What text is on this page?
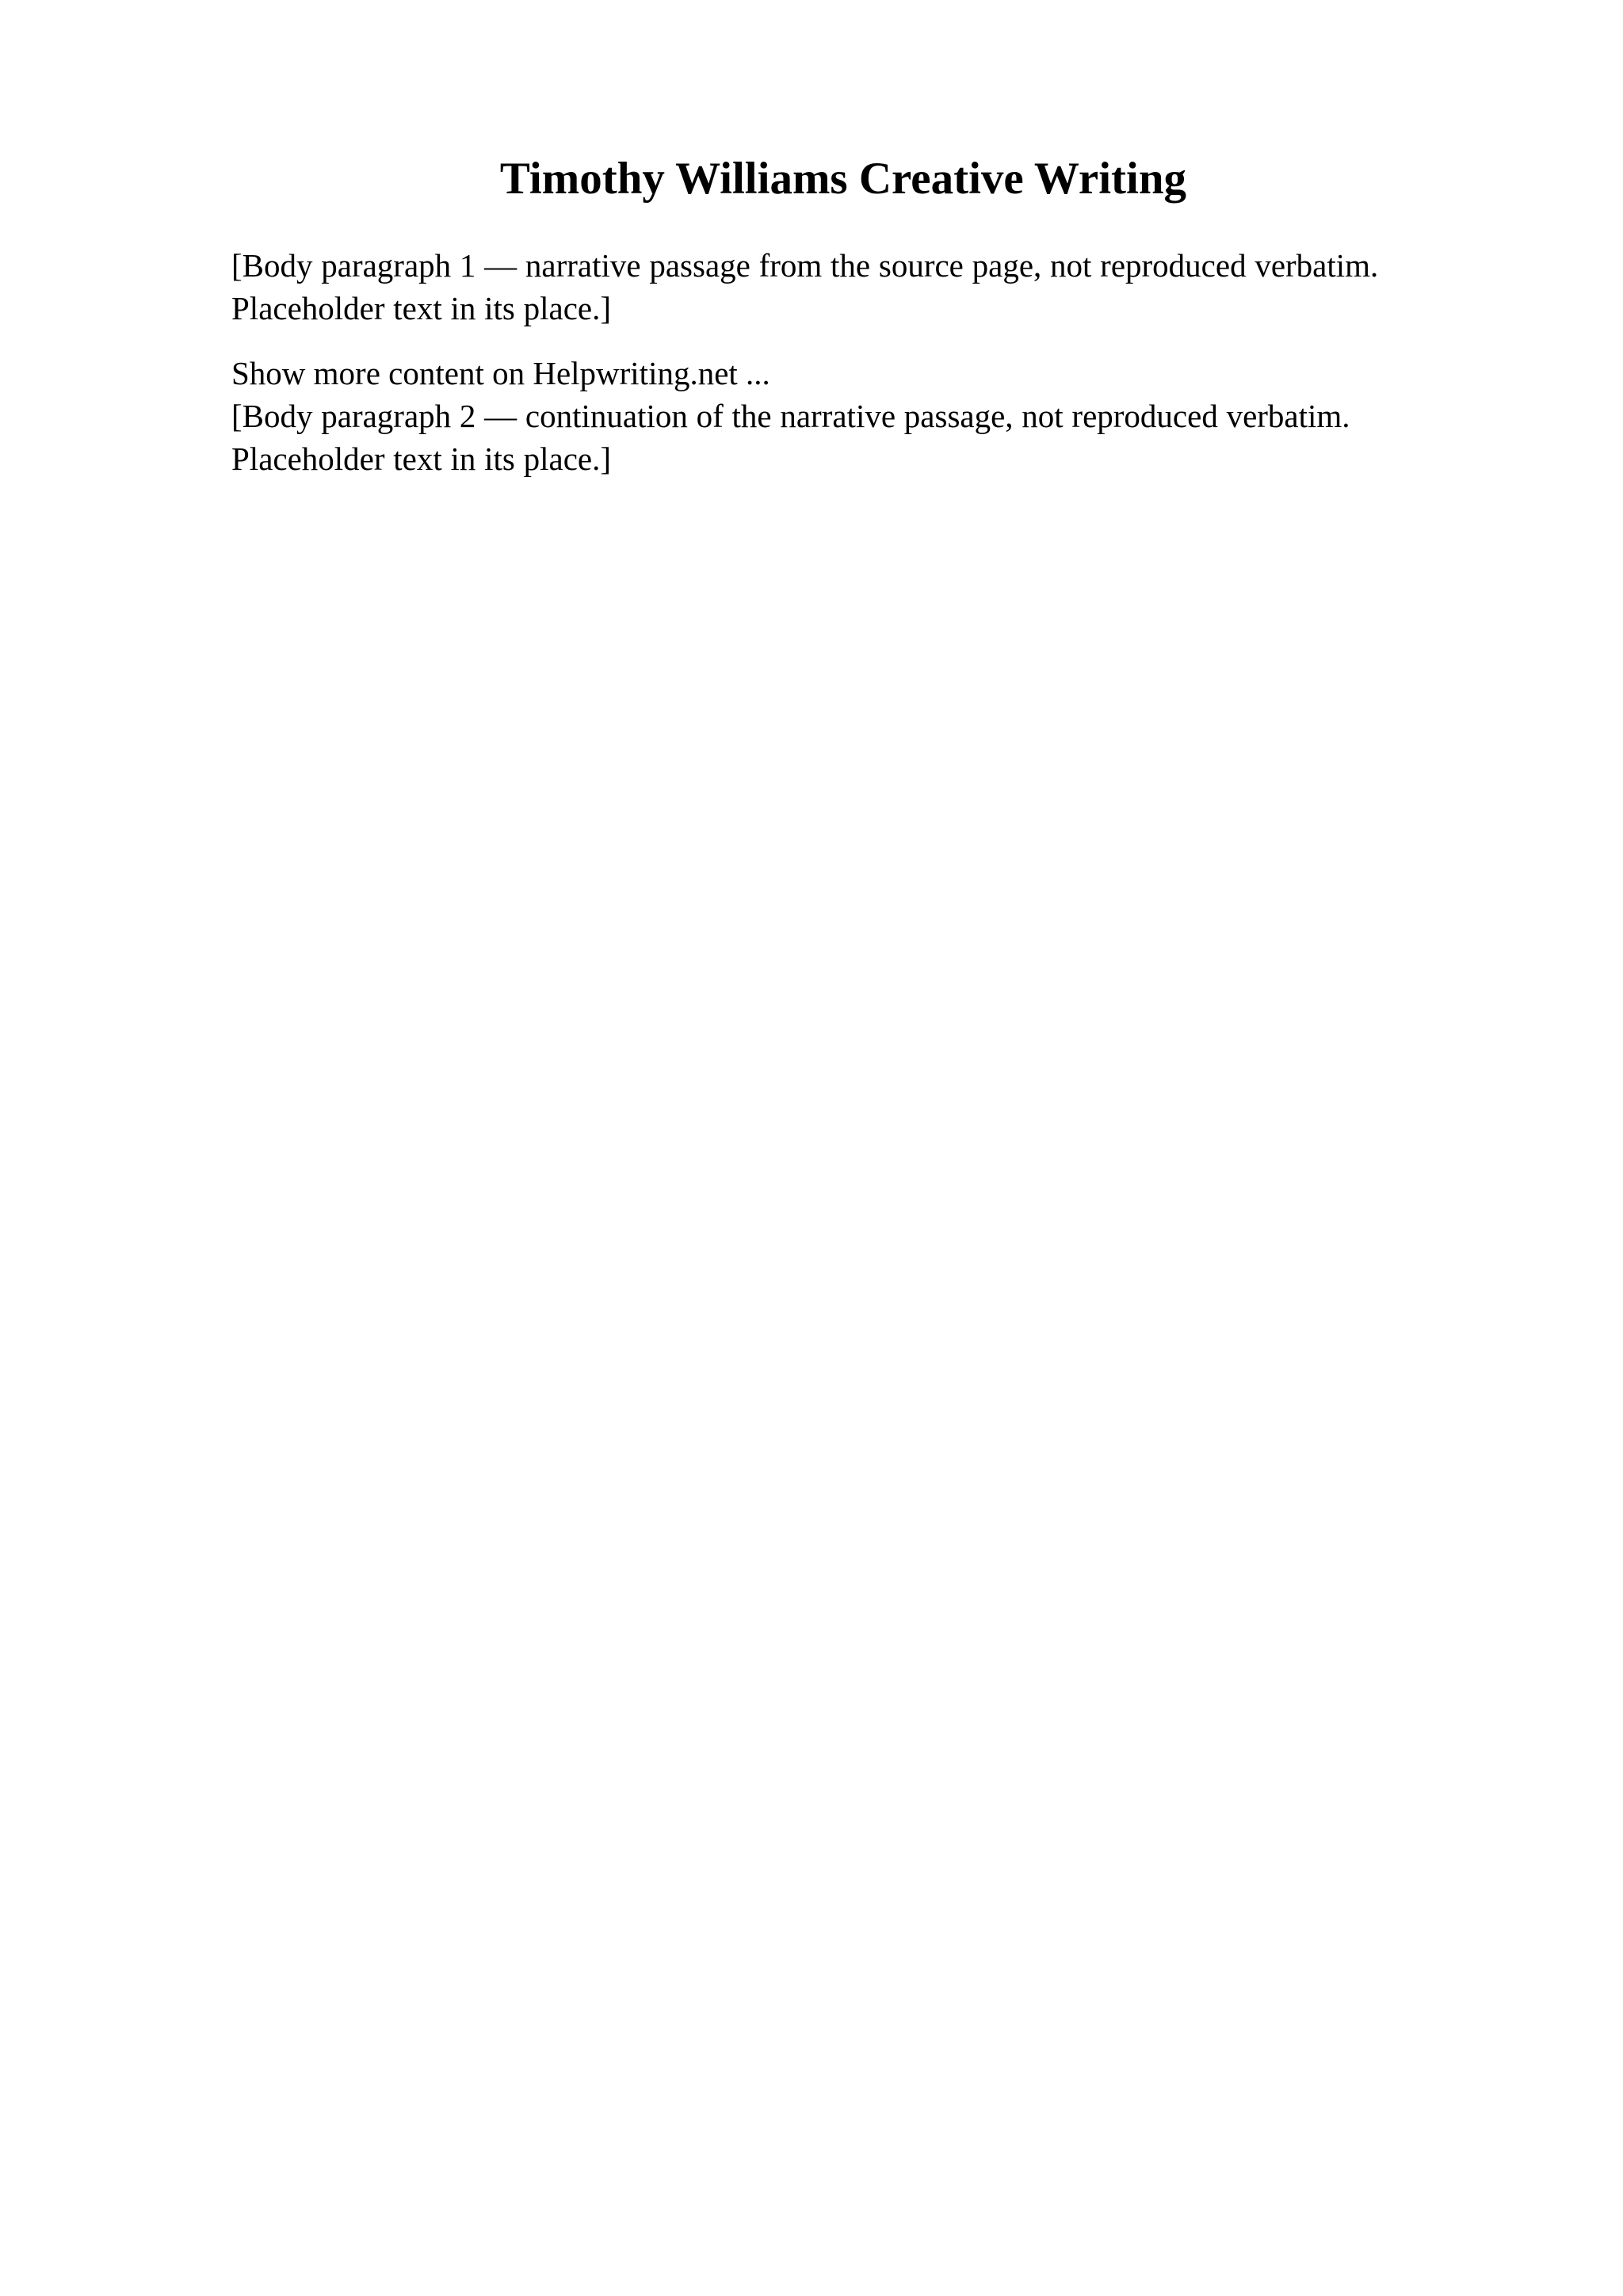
Timothy Williams Creative Writing

[Body paragraph 1 — narrative passage from the source page, not reproduced verbatim. Placeholder text in its place.]

Show more content on Helpwriting.net ...

[Body paragraph 2 — continuation of the narrative passage, not reproduced verbatim. Placeholder text in its place.]
